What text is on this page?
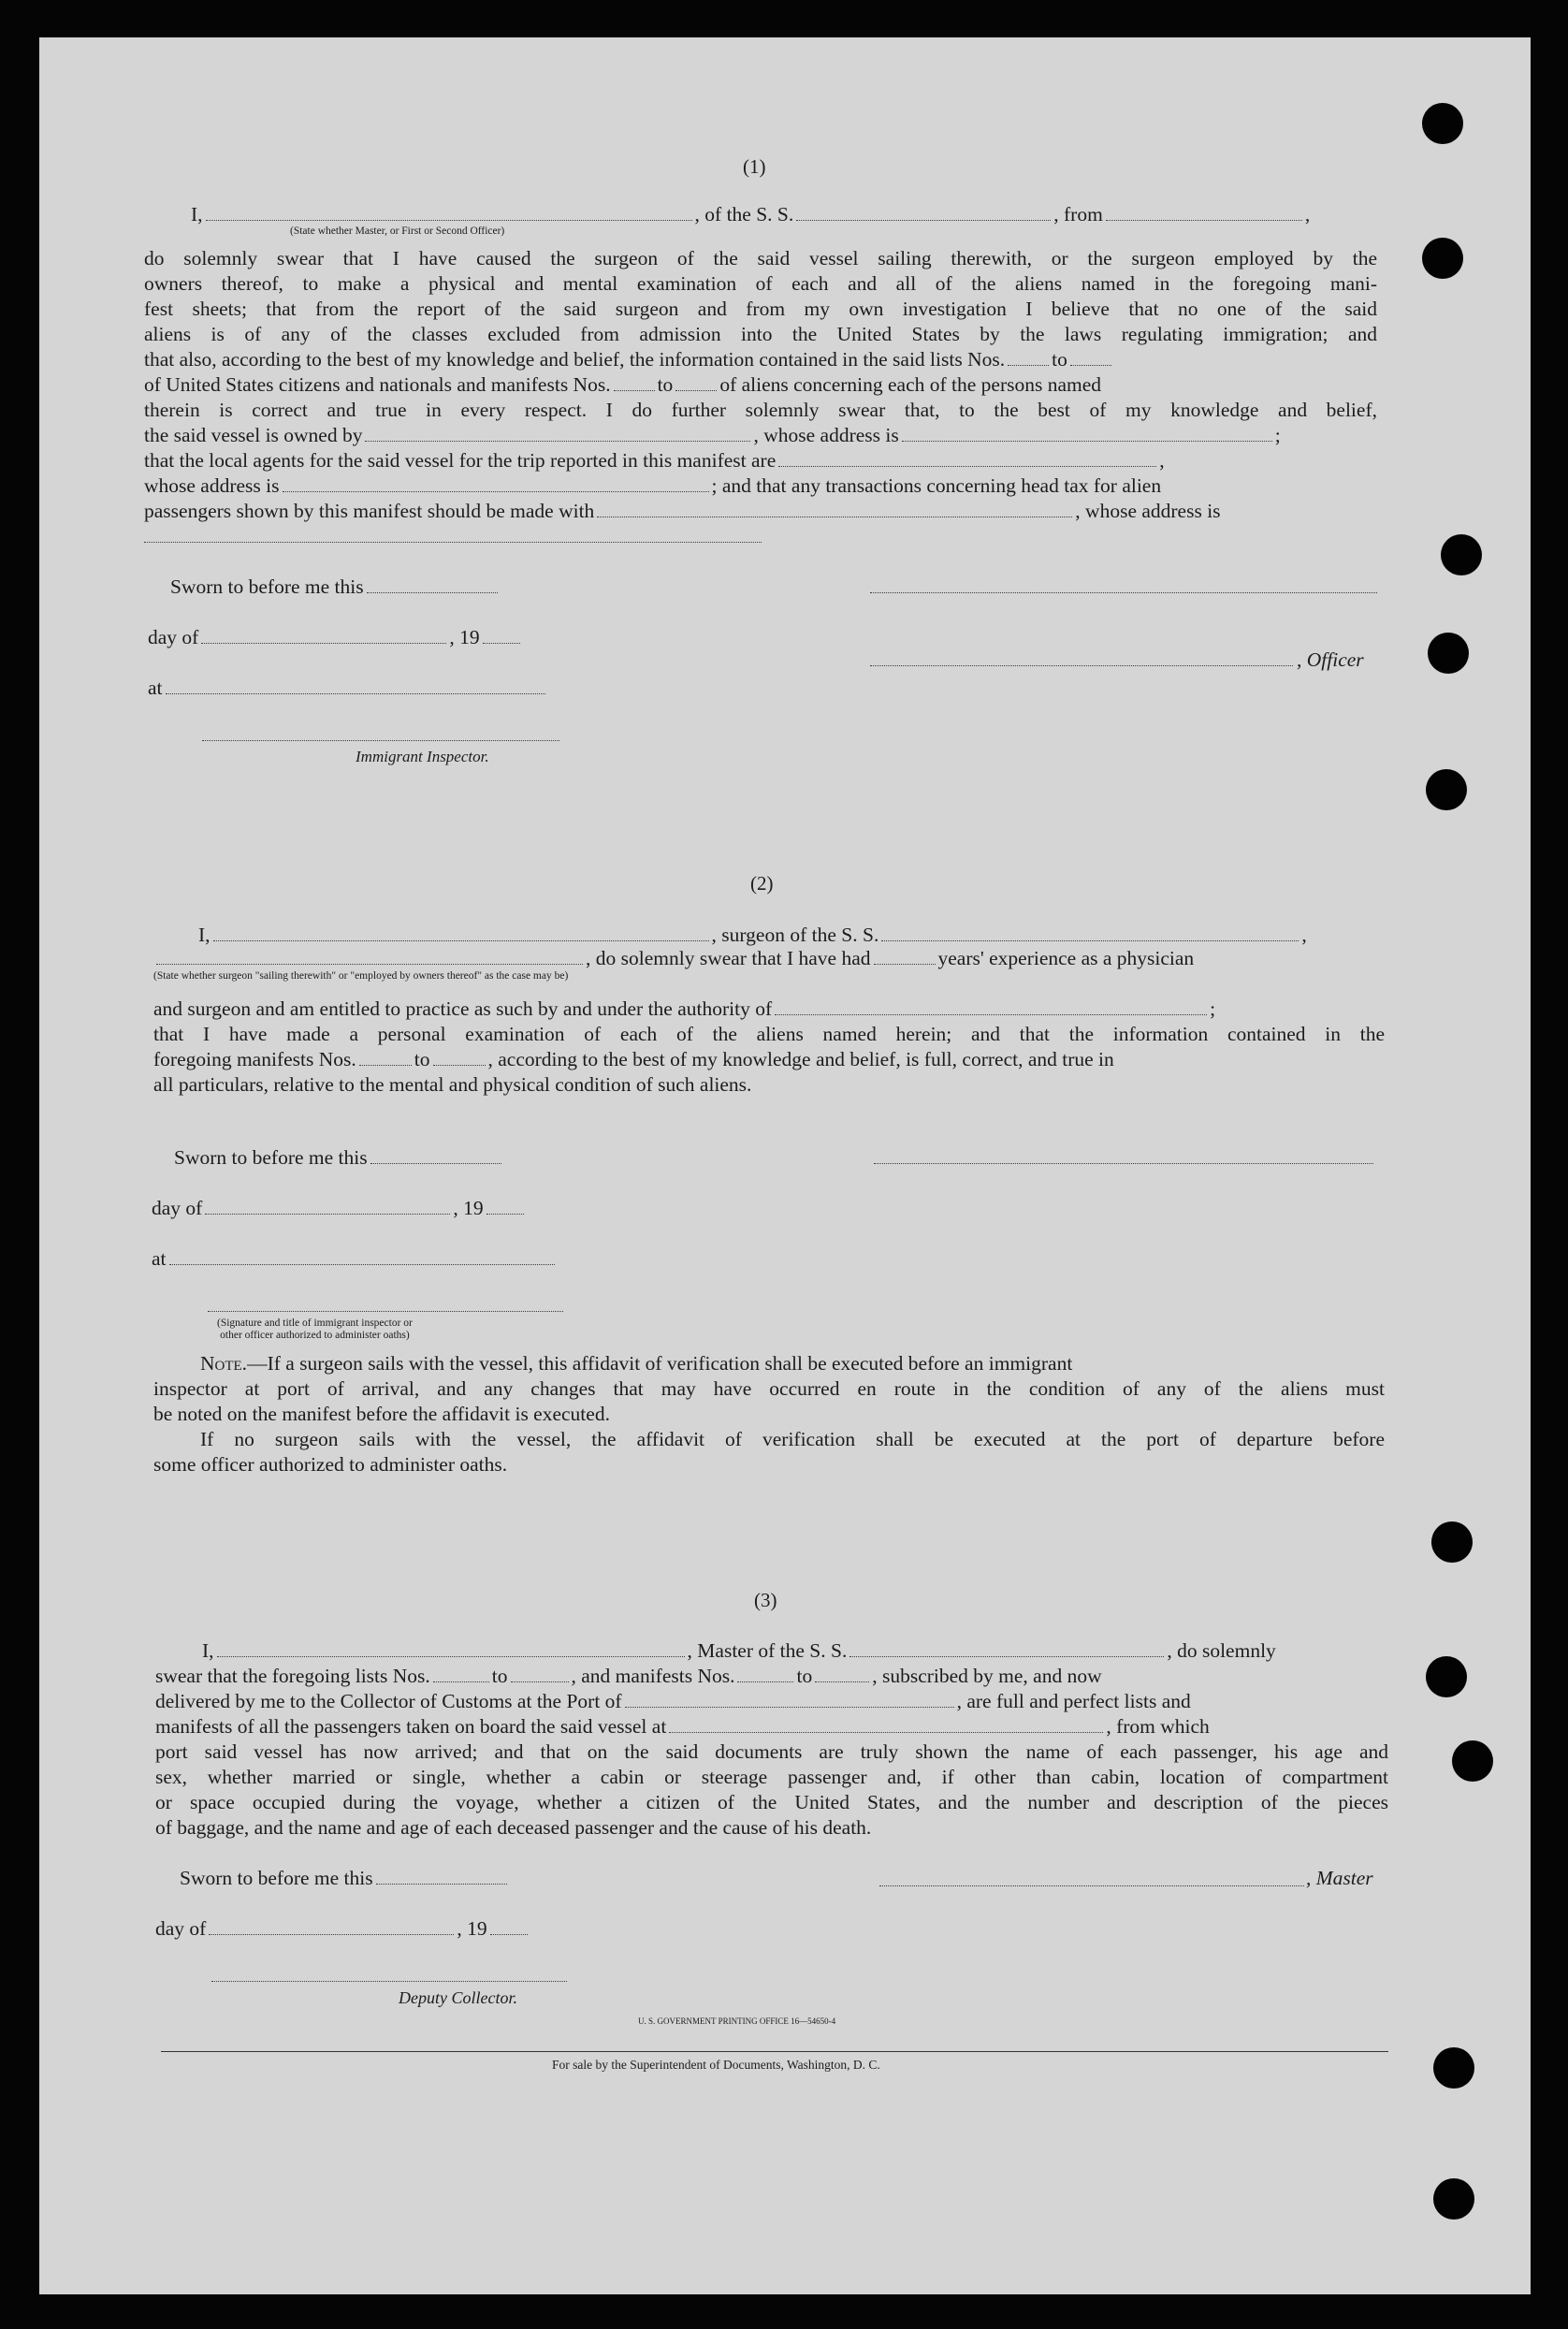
(1)
I,	, of the S. S.	, from	,
(State whether Master, or First or Second Officer)
do solemnly swear that I have caused the surgeon of the said vessel sailing therewith, or the surgeon employed by the
owners thereof, to make a physical and mental examination of each and all of the aliens named in the foregoing mani-
fest sheets; that from the report of the said surgeon and from my own investigation I believe that no one of the said
aliens is of any of the classes excluded from admission into the United States by the laws regulating immigration; and
that also, according to the best of my knowledge and belief, the information contained in the said lists Nos. to
of United States citizens and nationals and manifests Nos. to of aliens concerning each of the persons named
therein is correct and true in every respect. I do further solemnly swear that, to the best of my knowledge and belief,
the said vessel is owned by	, whose address is	;
that the local agents for the said vessel for the trip reported in this manifest are	,
whose address is	; and that any transactions concerning head tax for alien
passengers shown by this manifest should be made with	, whose address is
Sworn to before me this
day of	, 19
, Officer
at
Immigrant Inspector.
(2)
I,	, surgeon of the S. S.	,
, do solemnly swear that I have had	years' experience as a physician
(State whether surgeon "sailing therewith" or "employed by owners thereof" as the case may be)
and surgeon and am entitled to practice as such by and under the authority of	;
that I have made a personal examination of each of the aliens named herein; and that the information contained in the
foregoing manifests Nos.	to	, according to the best of my knowledge and belief, is full, correct, and true in
all particulars, relative to the mental and physical condition of such aliens.
Sworn to before me this
day of	, 19
at
(Signature and title of immigrant inspector or
other officer authorized to administer oaths)
Note.—If a surgeon sails with the vessel, this affidavit of verification shall be executed before an immigrant
inspector at port of arrival, and any changes that may have occurred en route in the condition of any of the aliens must
be noted on the manifest before the affidavit is executed.
If no surgeon sails with the vessel, the affidavit of verification shall be executed at the port of departure before
some officer authorized to administer oaths.
(3)
I,	, Master of the S. S.	, do solemnly
swear that the foregoing lists Nos.	to	, and manifests Nos.	to	, subscribed by me, and now
delivered by me to the Collector of Customs at the Port of	, are full and perfect lists and
manifests of all the passengers taken on board the said vessel at	, from which
port said vessel has now arrived; and that on the said documents are truly shown the name of each passenger, his age and
sex, whether married or single, whether a cabin or steerage passenger and, if other than cabin, location of compartment
or space occupied during the voyage, whether a citizen of the United States, and the number and description of the pieces
of baggage, and the name and age of each deceased passenger and the cause of his death.
Sworn to before me this	, Master
day of	, 19
Deputy Collector.
U. S. GOVERNMENT PRINTING OFFICE 16—54650-4
For sale by the Superintendent of Documents, Washington, D. C.
